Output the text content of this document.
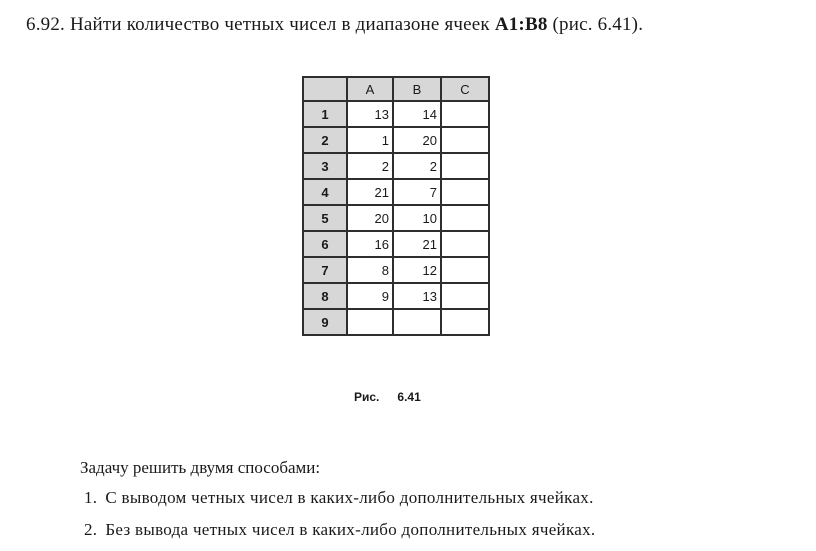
6.92. Найти количество четных чисел в диапазоне ячеек A1:B8 (рис. 6.41).
	A	B	C
1	13	14	
2	1	20	
3	2	2	
4	21	7	
5	20	10	
6	16	21	
7	8	12	
8	9	13	
9			
Рис. 6.41
Задачу решить двумя способами:
1. С выводом четных чисел в каких-либо дополнительных ячейках.
2. Без вывода четных чисел в каких-либо дополнительных ячейках.
